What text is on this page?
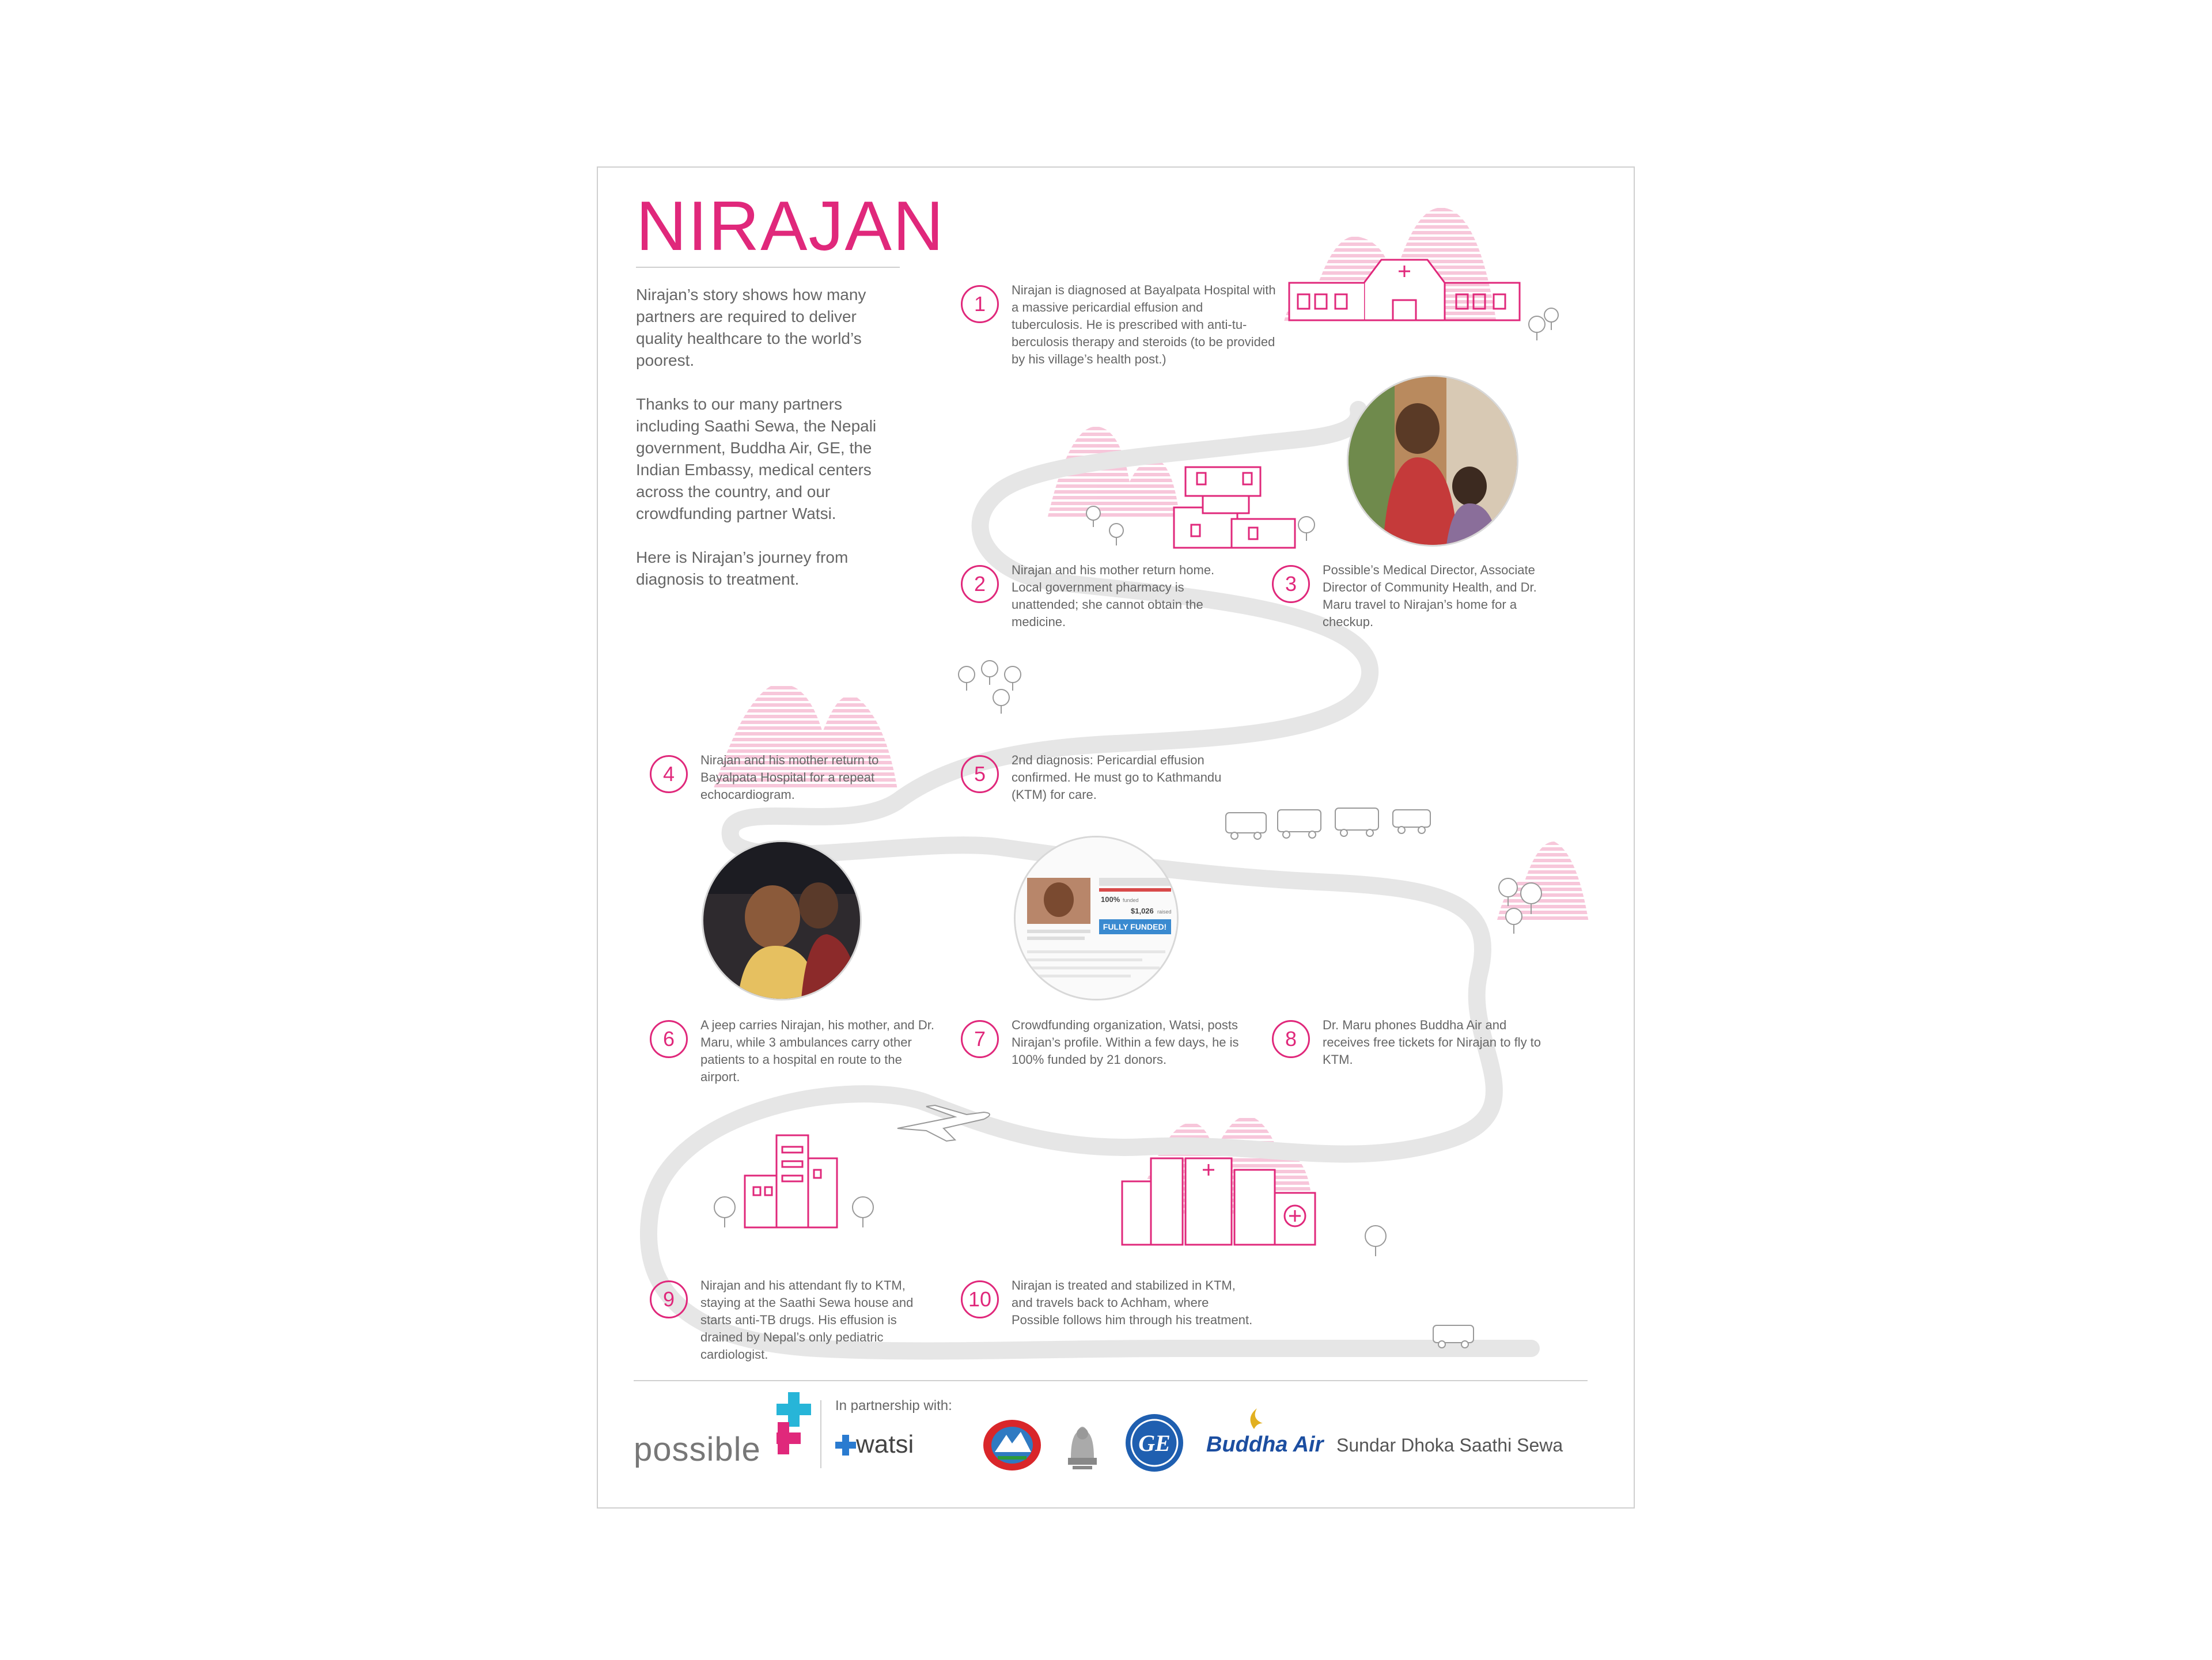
NIRAJAN

Nirajan’s story shows how many partners are required to deliver quality healthcare to the world’s poorest.

Thanks to our many partners including Saathi Sewa, the Nepali government, Buddha Air, GE, the Indian Embassy, medical centers across the country, and our crowdfunding partner Watsi.

Here is Nirajan’s journey from diagnosis to treatment.

1
Nirajan is diagnosed at Bayalpata Hospital with a massive pericardial effusion and tuberculosis. He is prescribed with anti-tu- berculosis therapy and steroids (to be provided by his village’s health post.)
2
Nirajan and his mother return home. Local government pharmacy is unattended; she cannot obtain the medicine.
3
Possible’s Medical Director, Associate Director of Community Health, and Dr. Maru travel to Nirajan’s home for a checkup.
4
Nirajan and his mother return to Bayalpata Hospital for a repeat echocardiogram.
5
2nd diagnosis: Pericardial effusion confirmed. He must go to Kathmandu (KTM) for care.
6
A jeep carries Nirajan, his mother, and Dr. Maru, while 3 ambulances carry other patients to a hospital en route to the airport.
7
Crowdfunding organization, Watsi, posts Nirajan’s profile. Within a few days, he is 100% funded by 21 donors.
8
Dr. Maru phones Buddha Air and receives free tickets for Nirajan to fly to KTM.
9
Nirajan and his attendant fly to KTM, staying at the Saathi Sewa house and starts anti-TB drugs. His effusion is drained by Nepal’s only pediatric cardiologist.
10
Nirajan is treated and stabilized in KTM, and travels back to Achham, where Possible follows him through his treatment.
100% funded
$1,026 raised
FULLY FUNDED!
possible
In partnership with:
watsi	GE Buddha Air Sundar Dhoka Saathi Sewa
